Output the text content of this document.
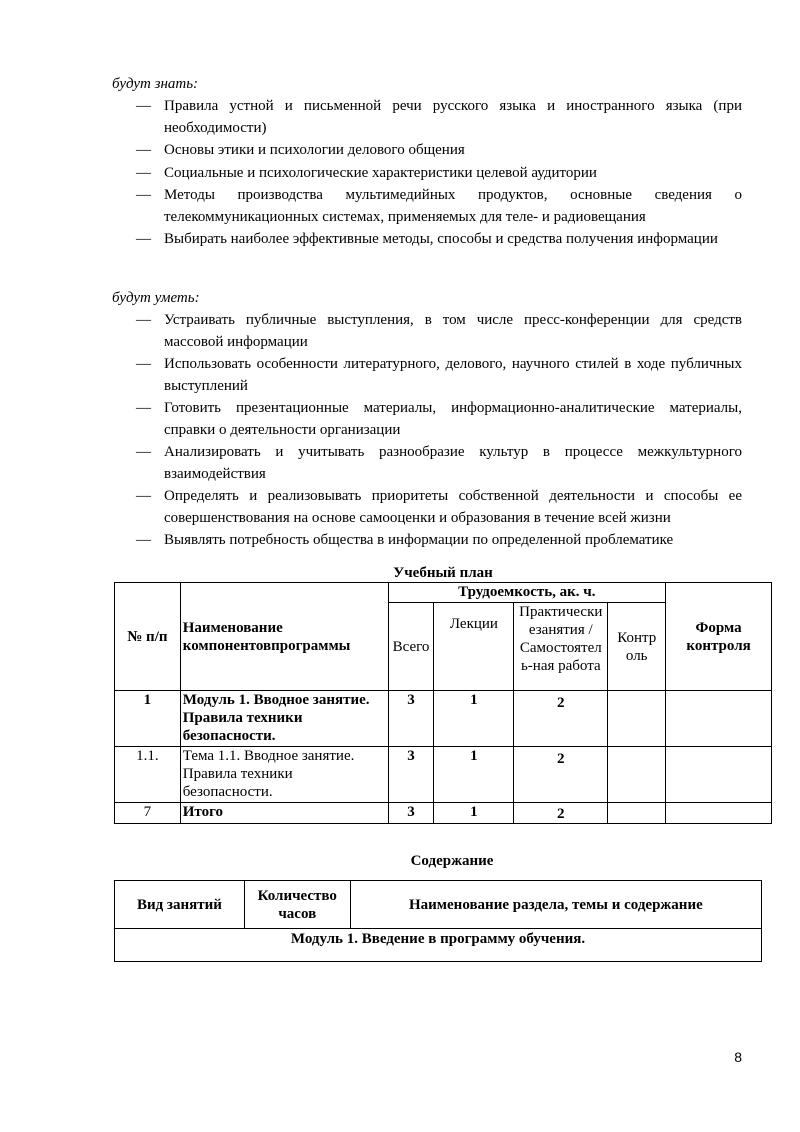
будут знать:
— Правила устной и письменной речи русского языка и иностранного языка (при необходимости)
— Основы этики и психологии делового общения
— Социальные и психологические характеристики целевой аудитории
— Методы производства мультимедийных продуктов, основные сведения о телекоммуникационных системах, применяемых для теле- и радиовещания
— Выбирать наиболее эффективные методы, способы и средства получения информации
будут уметь:
— Устраивать публичные выступления, в том числе пресс-конференции для средств массовой информации
— Использовать особенности литературного, делового, научного стилей в ходе публичных выступлений
— Готовить презентационные материалы, информационно-аналитические материалы, справки о деятельности организации
— Анализировать и учитывать разнообразие культур в процессе межкультурного взаимодействия
— Определять и реализовывать приоритеты собственной деятельности и способы ее совершенствования на основе самооценки и образования в течение всей жизни
— Выявлять потребность общества в информации по определенной проблематике
Учебный план
№ п/п	Наименование компонентовпрограммы	Трудоемкость, ак. ч.				Форма контроля
		Всего	Лекции	Практически езанятия / Самостоятел ь-ная работа	Контр оль	
1	Модуль 1. Вводное занятие. Правила техники безопасности.	3	1	2		
1.1.	Тема 1.1. Вводное занятие. Правила техники безопасности.	3	1	2		
7	Итого	3	1	2		
Содержание
Вид занятий	Количество часов	Наименование раздела, темы и содержание
Модуль 1. Введение в программу обучения.
8
